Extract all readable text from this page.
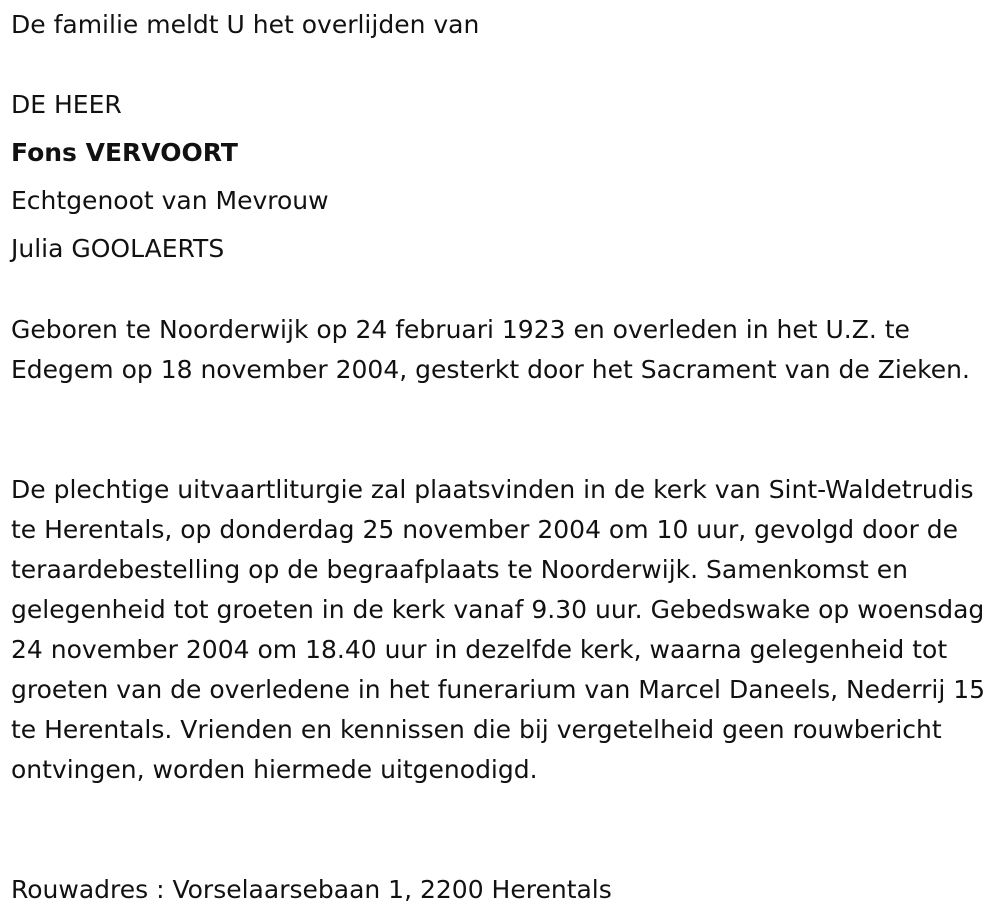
De familie meldt U het overlijden van

DE HEER

Fons VERVOORT

Echtgenoot van Mevrouw

Julia GOOLAERTS

Geboren te Noorderwijk op 24 februari 1923 en overleden in het U.Z. te Edegem op 18 november 2004, gesterkt door het Sacrament van de Zieken.

De plechtige uitvaartliturgie zal plaatsvinden in de kerk van Sint-Waldetrudis te Herentals, op donderdag 25 november 2004 om 10 uur, gevolgd door de teraardebestelling op de begraafplaats te Noorderwijk. Samenkomst en gelegenheid tot groeten in de kerk vanaf 9.30 uur. Gebedswake op woensdag 24 november 2004 om 18.40 uur in dezelfde kerk, waarna gelegenheid tot groeten van de overledene in het funerarium van Marcel Daneels, Nederrij 15 te Herentals. Vrienden en kennissen die bij vergetelheid geen rouwbericht ontvingen, worden hiermede uitgenodigd.

Rouwadres : Vorselaarsebaan 1, 2200 Herentals
